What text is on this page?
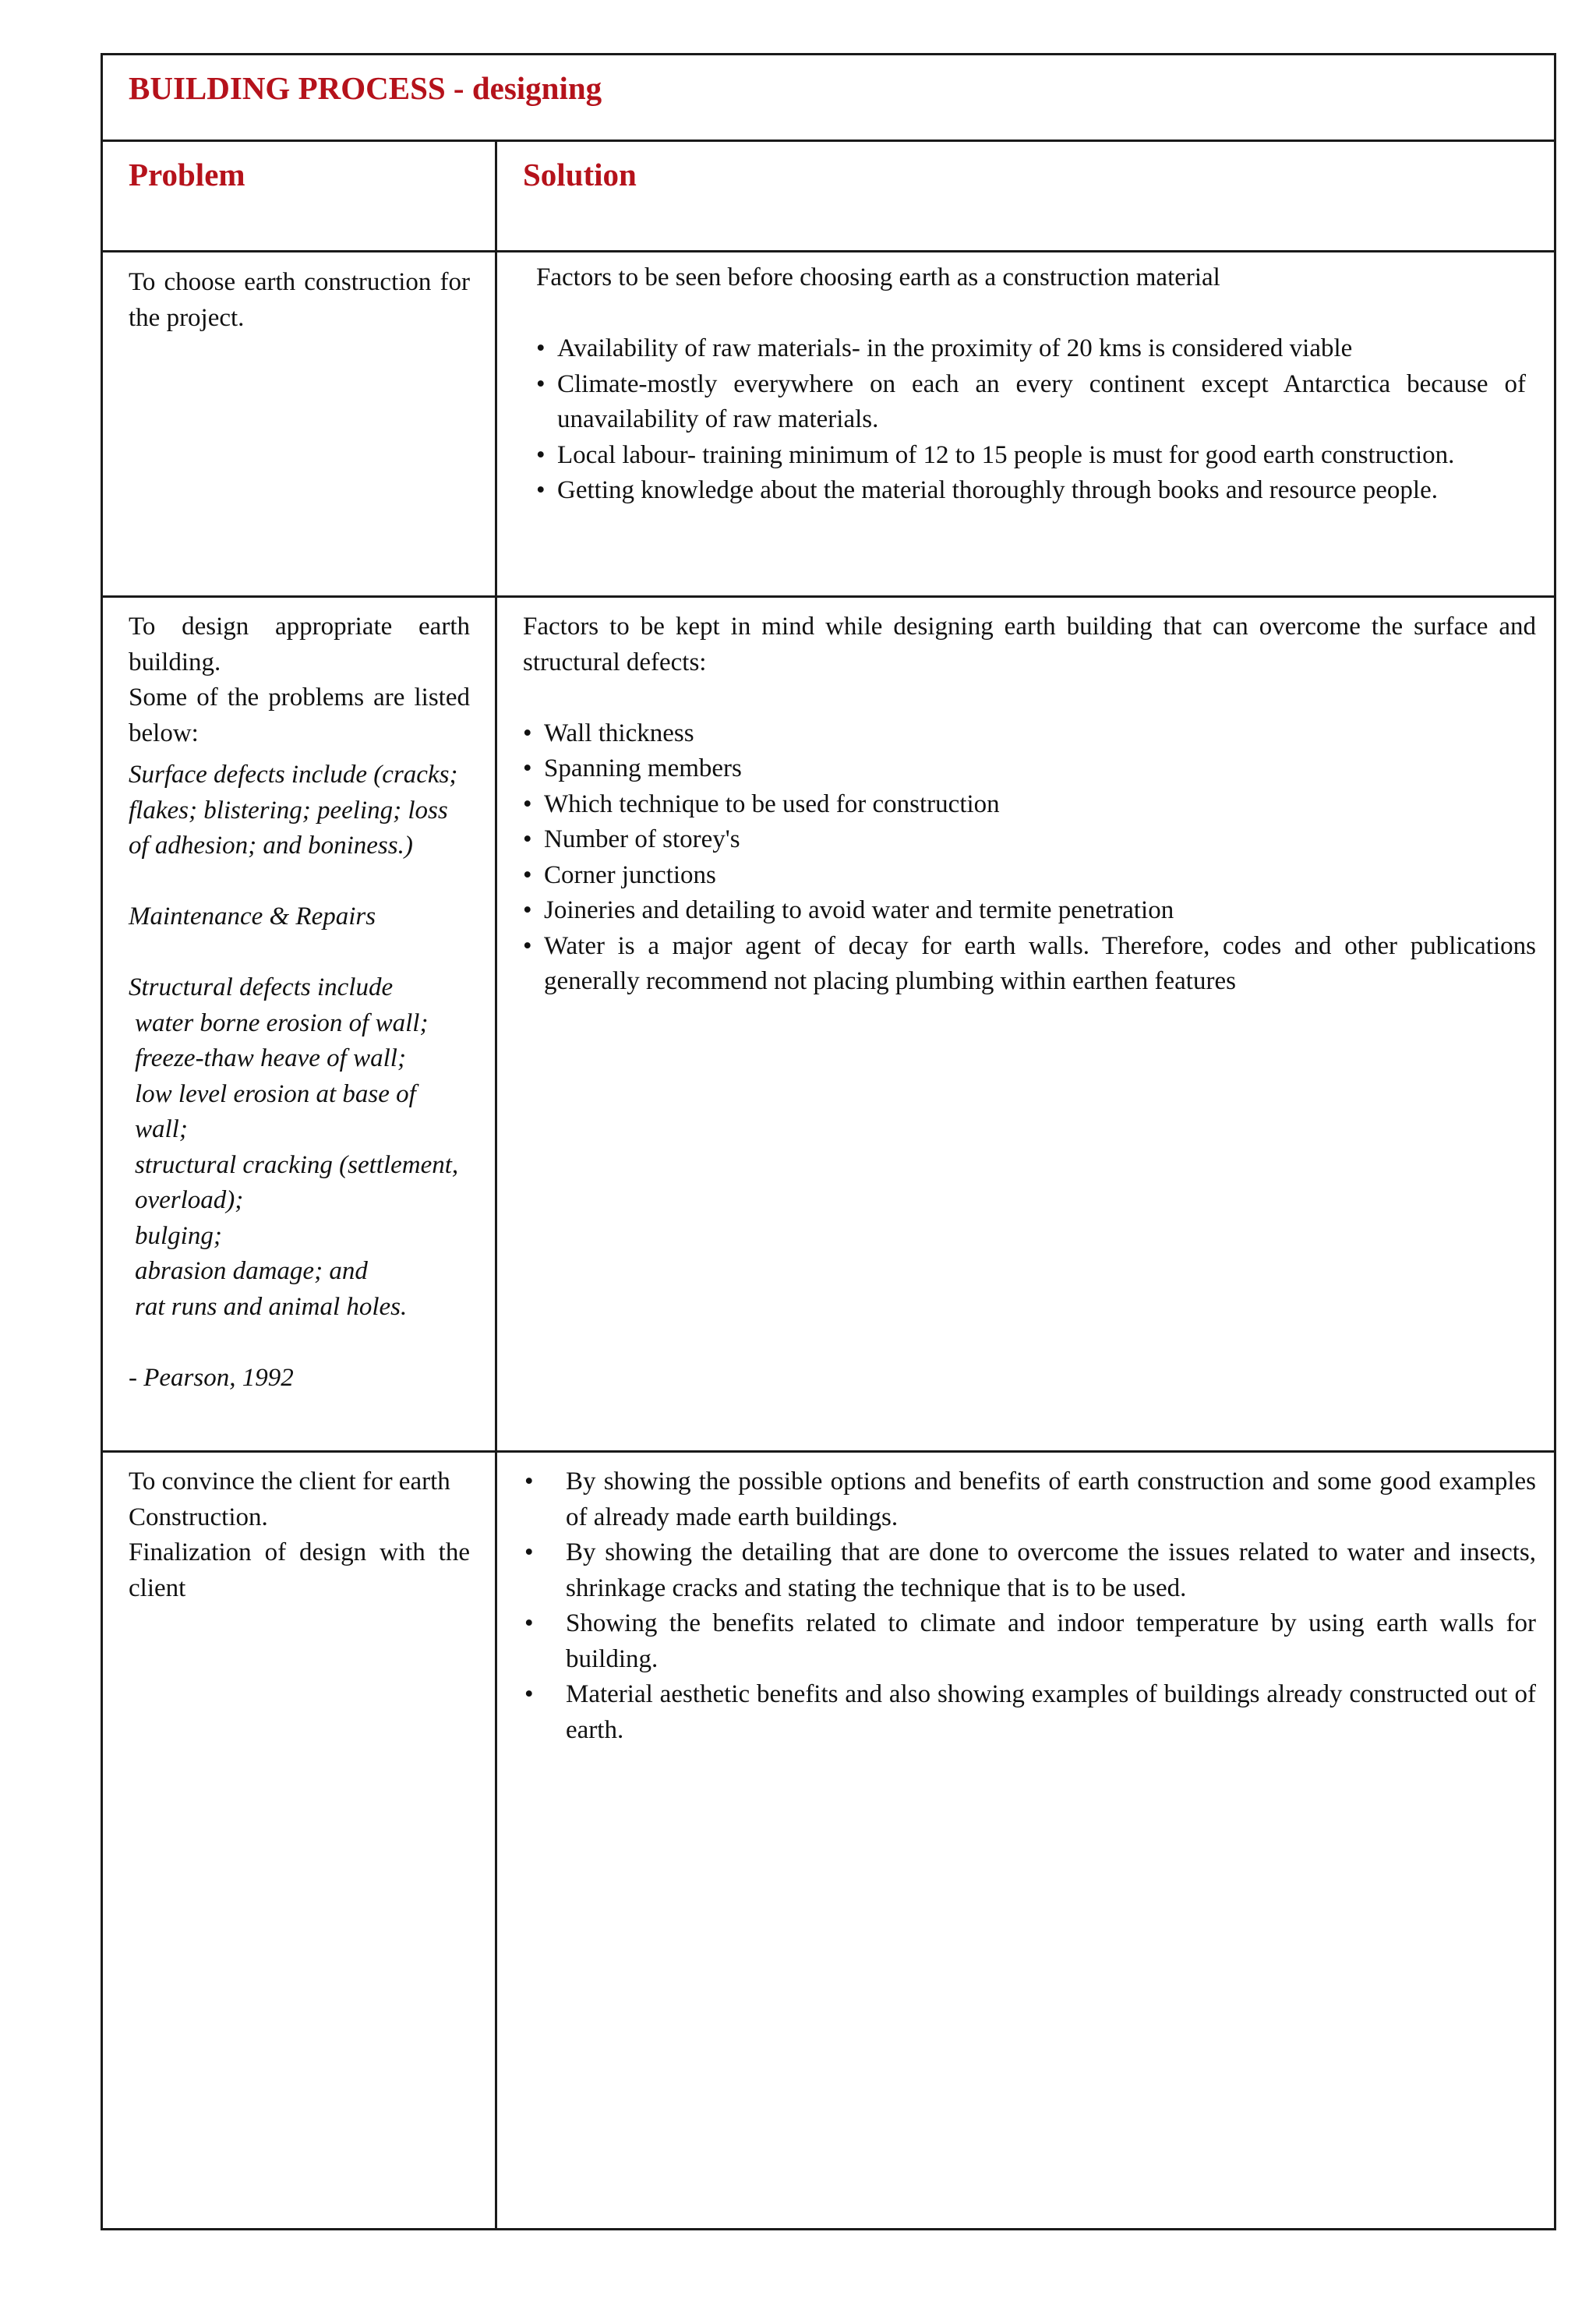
BUILDING PROCESS - designing
Problem	Solution

To choose earth construction for the project.

Factors to be seen before choosing earth as a construction material

• Availability of raw materials- in the proximity of 20 kms is considered viable
• Climate-mostly everywhere on each an every continent except Antarctica because of unavailability of raw materials.
• Local labour- training minimum of 12 to 15 people is must for good earth construction.
• Getting knowledge about the material thoroughly through books and resource people.

To design appropriate earth building.

Some of the problems are listed below:

Surface defects include (cracks; flakes; blistering; peeling; loss of adhesion; and boniness.)

Maintenance & Repairs

Structural defects include

water borne erosion of wall;
freeze-thaw heave of wall;
low level erosion at base of wall;
structural cracking (settlement, overload);
bulging;
abrasion damage; and
rat runs and animal holes.

- Pearson, 1992

Factors to be kept in mind while designing earth building that can overcome the surface and structural defects:

• Wall thickness
• Spanning members
• Which technique to be used for construction
• Number of storey's
• Corner junctions
• Joineries and detailing to avoid water and termite penetration
• Water is a major agent of decay for earth walls. Therefore, codes and other publications generally recommend not placing plumbing within earthen features

To convince the client for earth

Construction.

Finalization of design with the client

• By showing the possible options and benefits of earth construction and some good examples of already made earth buildings.
• By showing the detailing that are done to overcome the issues related to water and insects, shrinkage cracks and stating the technique that is to be used.
• Showing the benefits related to climate and indoor temperature by using earth walls for building.
• Material aesthetic benefits and also showing examples of buildings already constructed out of earth.
